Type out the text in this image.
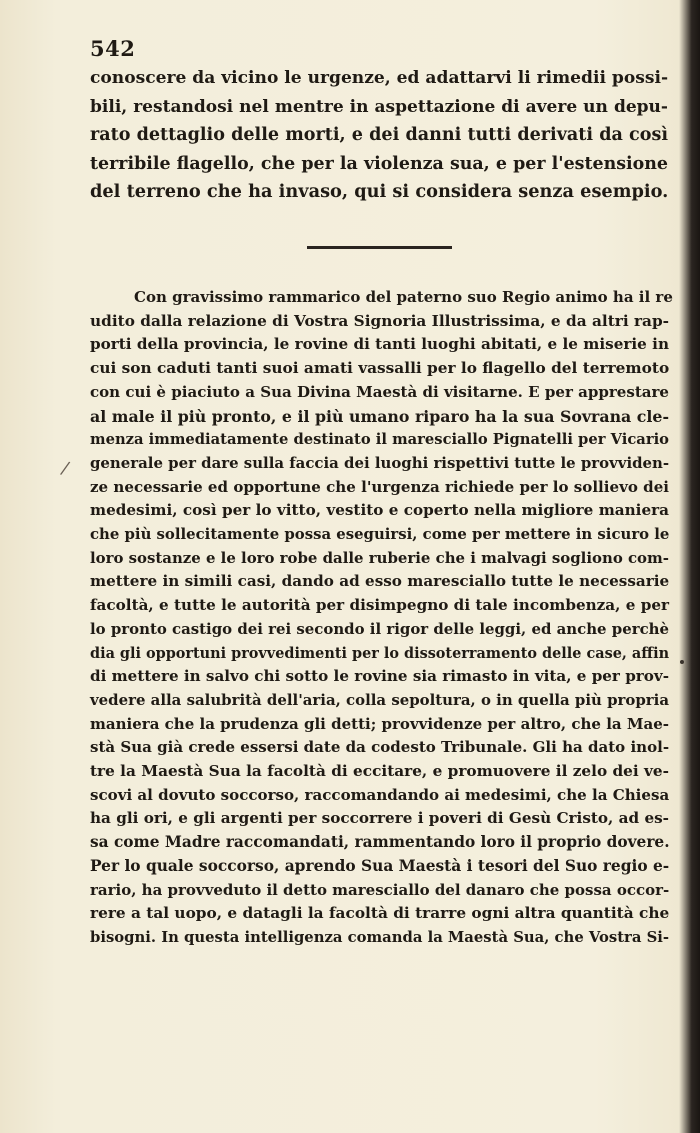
542
conoscere da vicino le urgenze, ed adattarvi li rimedii possi-
bili, restandosi nel mentre in aspettazione di avere un depu-
rato dettaglio delle morti, e dei danni tutti derivati da così
terribile flagello, che per la violenza sua, e per l'estensione
del terreno che ha invaso, qui si considera senza esempio.
/
Con gravissimo rammarico del paterno suo Regio animo ha il re
udito dalla relazione di Vostra Signoria Illustrissima, e da altri rap-
porti della provincia, le rovine di tanti luoghi abitati, e le miserie in
cui son caduti tanti suoi amati vassalli per lo flagello del terremoto
con cui è piaciuto a Sua Divina Maestà di visitarne. E per apprestare
al male il più pronto, e il più umano riparo ha la sua Sovrana cle-
menza immediatamente destinato il maresciallo Pignatelli per Vicario
generale per dare sulla faccia dei luoghi rispettivi tutte le provviden-
ze necessarie ed opportune che l'urgenza richiede per lo sollievo dei
medesimi, così per lo vitto, vestito e coperto nella migliore maniera
che più sollecitamente possa eseguirsi, come per mettere in sicuro le
loro sostanze e le loro robe dalle ruberie che i malvagi sogliono com-
mettere in simili casi, dando ad esso maresciallo tutte le necessarie
facoltà, e tutte le autorità per disimpegno di tale incombenza, e per
lo pronto castigo dei rei secondo il rigor delle leggi, ed anche perchè
dia gli opportuni provvedimenti per lo dissoterramento delle case, affin
di mettere in salvo chi sotto le rovine sia rimasto in vita, e per prov-
vedere alla salubrità dell'aria, colla sepoltura, o in quella più propria
maniera che la prudenza gli detti; provvidenze per altro, che la Mae-
stà Sua già crede essersi date da codesto Tribunale. Gli ha dato inol-
tre la Maestà Sua la facoltà di eccitare, e promuovere il zelo dei ve-
scovi al dovuto soccorso, raccomandando ai medesimi, che la Chiesa
ha gli ori, e gli argenti per soccorrere i poveri di Gesù Cristo, ad es-
sa come Madre raccomandati, rammentando loro il proprio dovere.
Per lo quale soccorso, aprendo Sua Maestà i tesori del Suo regio e-
rario, ha provveduto il detto maresciallo del danaro che possa occor-
rere a tal uopo, e datagli la facoltà di trarre ogni altra quantità che
bisogni. In questa intelligenza comanda la Maestà Sua, che Vostra Si-
